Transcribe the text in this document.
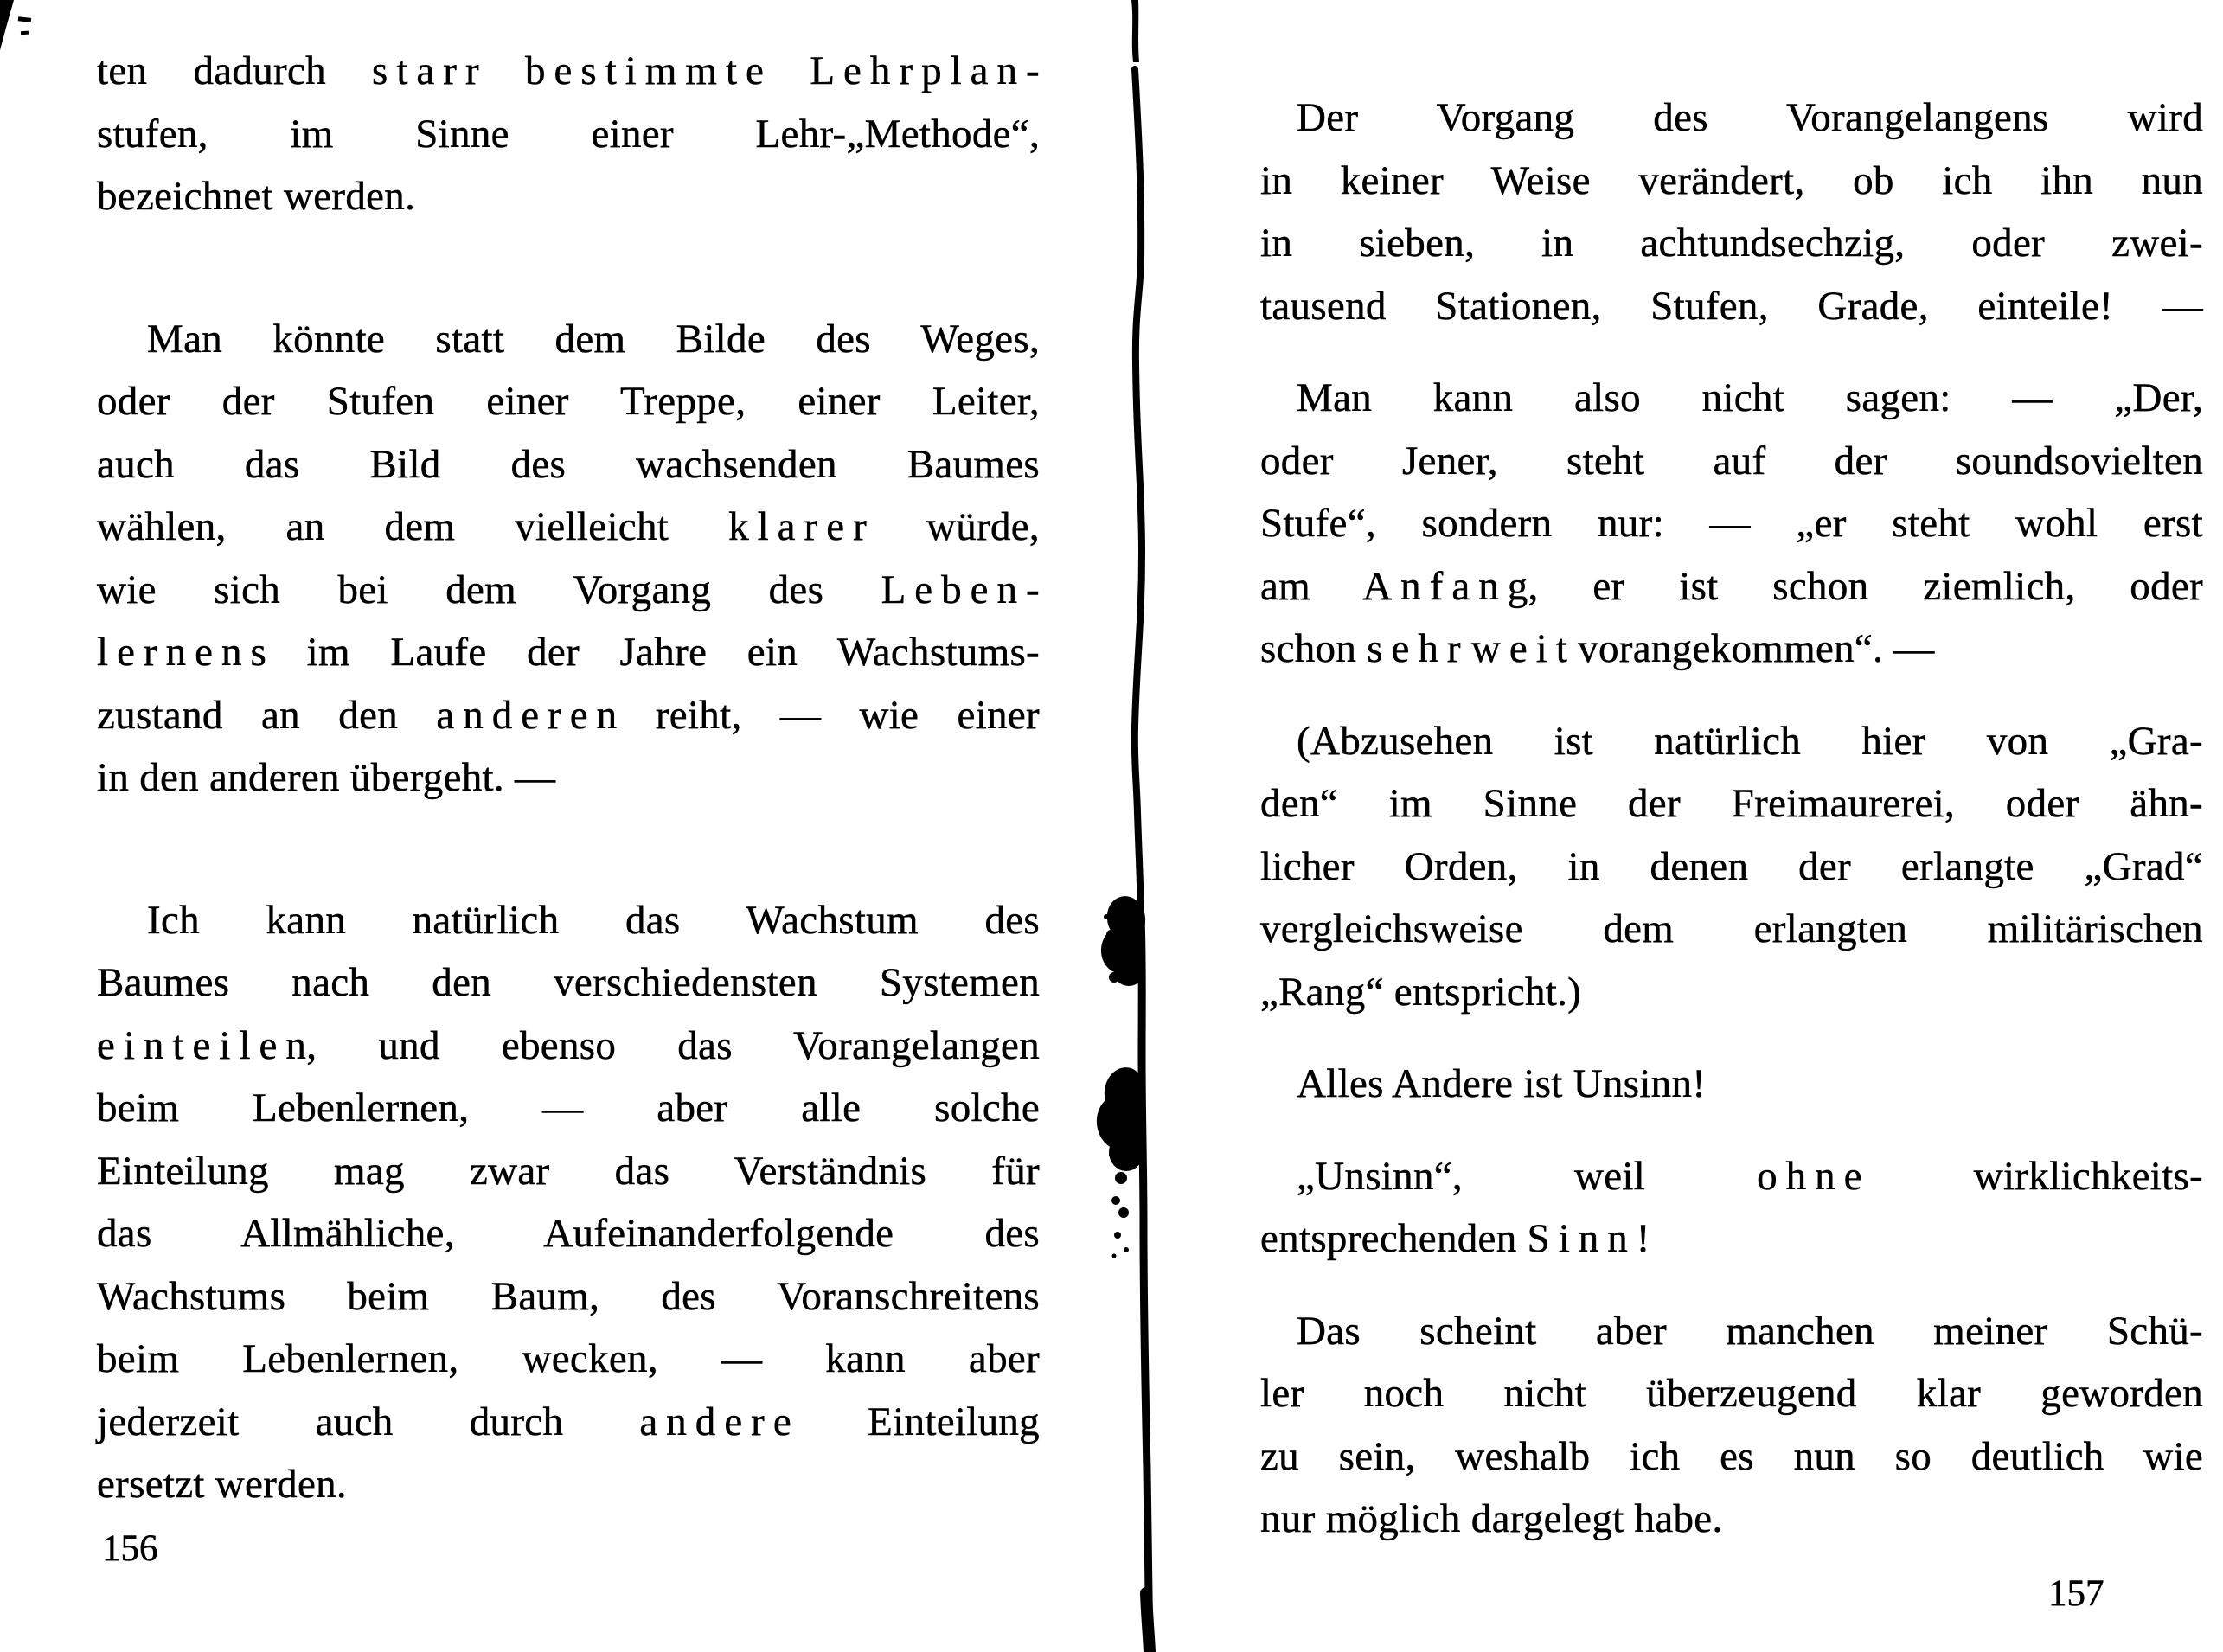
ten dadurch s t a r r b e s t i m m t e L e h r p l a n -
stufen, im Sinne einer Lehr-„Methode“,
bezeichnet werden.
Man könnte statt dem Bilde des Weges,
oder der Stufen einer Treppe, einer Leiter,
auch das Bild des wachsenden Baumes
wählen, an dem vielleicht k l a r e r würde,
wie sich bei dem Vorgang des L e b e n -
l e r n e n s im Laufe der Jahre ein Wachstums-
zustand an den a n d e r e n reiht, — wie einer
in den anderen übergeht. —
Ich kann natürlich das Wachstum des
Baumes nach den verschiedensten Systemen
e i n t e i l e n, und ebenso das Vorangelangen
beim Lebenlernen, — aber alle solche
Einteilung mag zwar das Verständnis für
das Allmähliche, Aufeinanderfolgende des
Wachstums beim Baum, des Voranschreitens
beim Lebenlernen, wecken, — kann aber
jederzeit auch durch a n d e r e Einteilung
ersetzt werden.
156
Der Vorgang des Vorangelangens wird
in keiner Weise verändert, ob ich ihn nun
in sieben, in achtundsechzig, oder zwei-
tausend Stationen, Stufen, Grade, einteile! —
Man kann also nicht sagen: — „Der,
oder Jener, steht auf der soundsovielten
Stufe“, sondern nur: — „er steht wohl erst
am A n f a n g, er ist schon ziemlich, oder
schon s e h r w e i t vorangekommen“. —
(Abzusehen ist natürlich hier von „Gra-
den“ im Sinne der Freimaurerei, oder ähn-
licher Orden, in denen der erlangte „Grad“
vergleichsweise dem erlangten militärischen
„Rang“ entspricht.)
Alles Andere ist Unsinn!
„Unsinn“, weil o h n e wirklichkeits-
entsprechenden S i n n !
Das scheint aber manchen meiner Schü-
ler noch nicht überzeugend klar geworden
zu sein, weshalb ich es nun so deutlich wie
nur möglich dargelegt habe.
157
